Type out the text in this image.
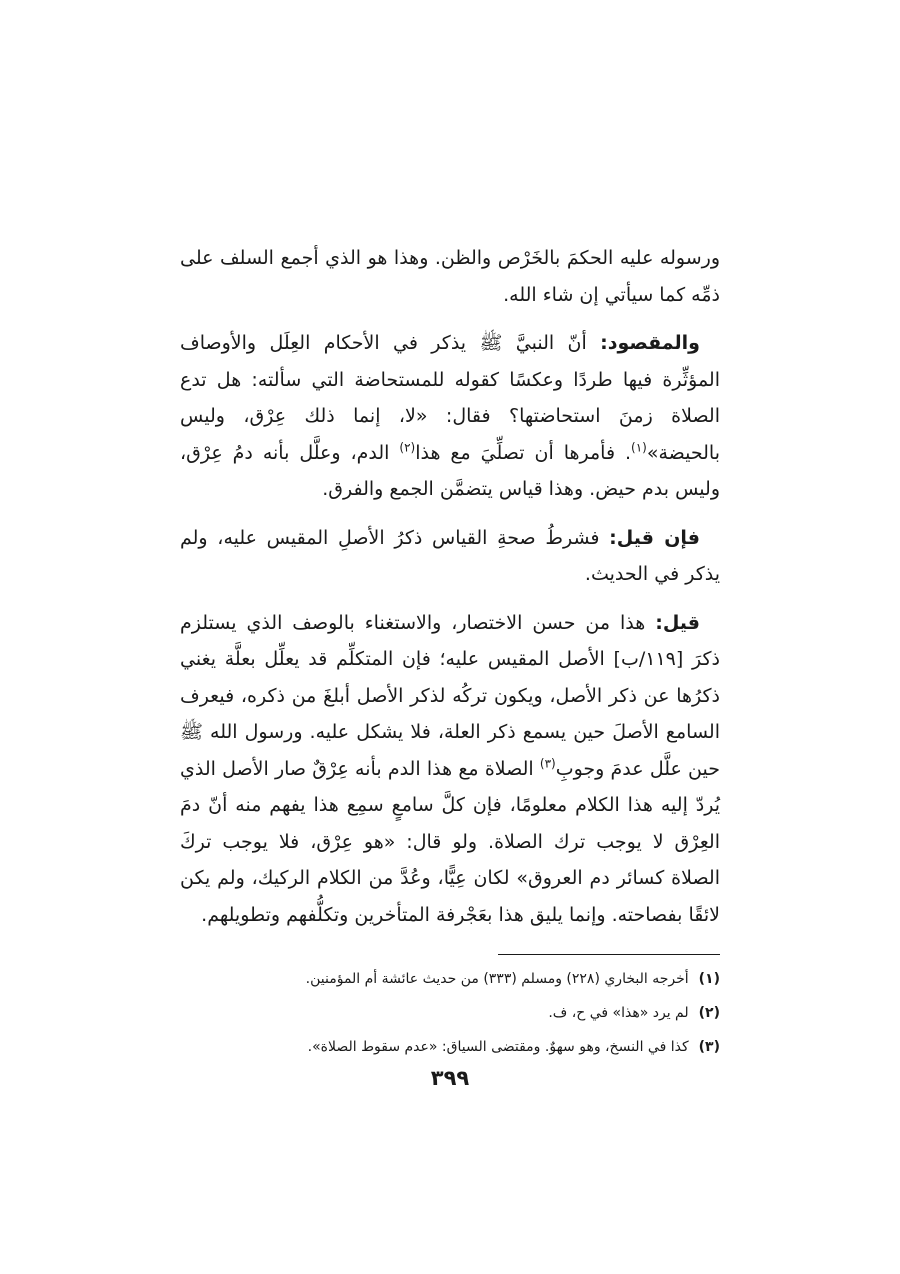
ورسوله عليه الحكمَ بالخَرْص والظن. وهذا هو الذي أجمع السلف على ذمِّه كما سيأتي إن شاء الله.

والمقصود: أنّ النبيَّ ﷺ يذكر في الأحكام العِلَل والأوصاف المؤثِّرة فيها طردًا وعكسًا كقوله للمستحاضة التي سألته: هل تدع الصلاة زمنَ استحاضتها؟ فقال: «لا، إنما ذلك عِرْق، وليس بالحيضة»$^{(١)}$. فأمرها أن تصلِّيَ مع هذا$^{(٢)}$ الدم، وعلَّل بأنه دمُ عِرْق، وليس بدم حيض. وهذا قياس يتضمَّن الجمع والفرق.

فإن قيل: فشرطُ صحةِ القياس ذكرُ الأصلِ المقيس عليه، ولم يذكر في الحديث.

قيل: هذا من حسن الاختصار، والاستغناء بالوصف الذي يستلزم ذكرَ [١١٩/ب] الأصل المقيس عليه؛ فإن المتكلِّم قد يعلِّل بعلَّة يغني ذكرُها عن ذكر الأصل، ويكون تركُه لذكر الأصل أبلغَ من ذكره، فيعرف السامع الأصلَ حين يسمع ذكر العلة، فلا يشكل عليه. ورسول الله ﷺ حين علَّل عدمَ وجوبِ$^{(٣)}$ الصلاة مع هذا الدم بأنه عِرْقٌ صار الأصل الذي يُردّ إليه هذا الكلام معلومًا، فإن كلَّ سامعٍ سمِع هذا يفهم منه أنّ دمَ العِرْق لا يوجب ترك الصلاة. ولو قال: «هو عِرْق، فلا يوجب تركَ الصلاة كسائر دم العروق» لكان عِيًّا، وعُدَّ من الكلام الركيك، ولم يكن لائقًا بفصاحته. وإنما يليق هذا بعَجْرفة المتأخرين وتكلُّفهم وتطويلهم.

(١)أخرجه البخاري (٢٢٨) ومسلم (٣٣٣) من حديث عائشة أم المؤمنين.

(٢)لم يرد «هذا» في ح، ف.

(٣)كذا في النسخ، وهو سهوٌ. ومقتضى السياق: «عدم سقوط الصلاة».

٣٩٩
